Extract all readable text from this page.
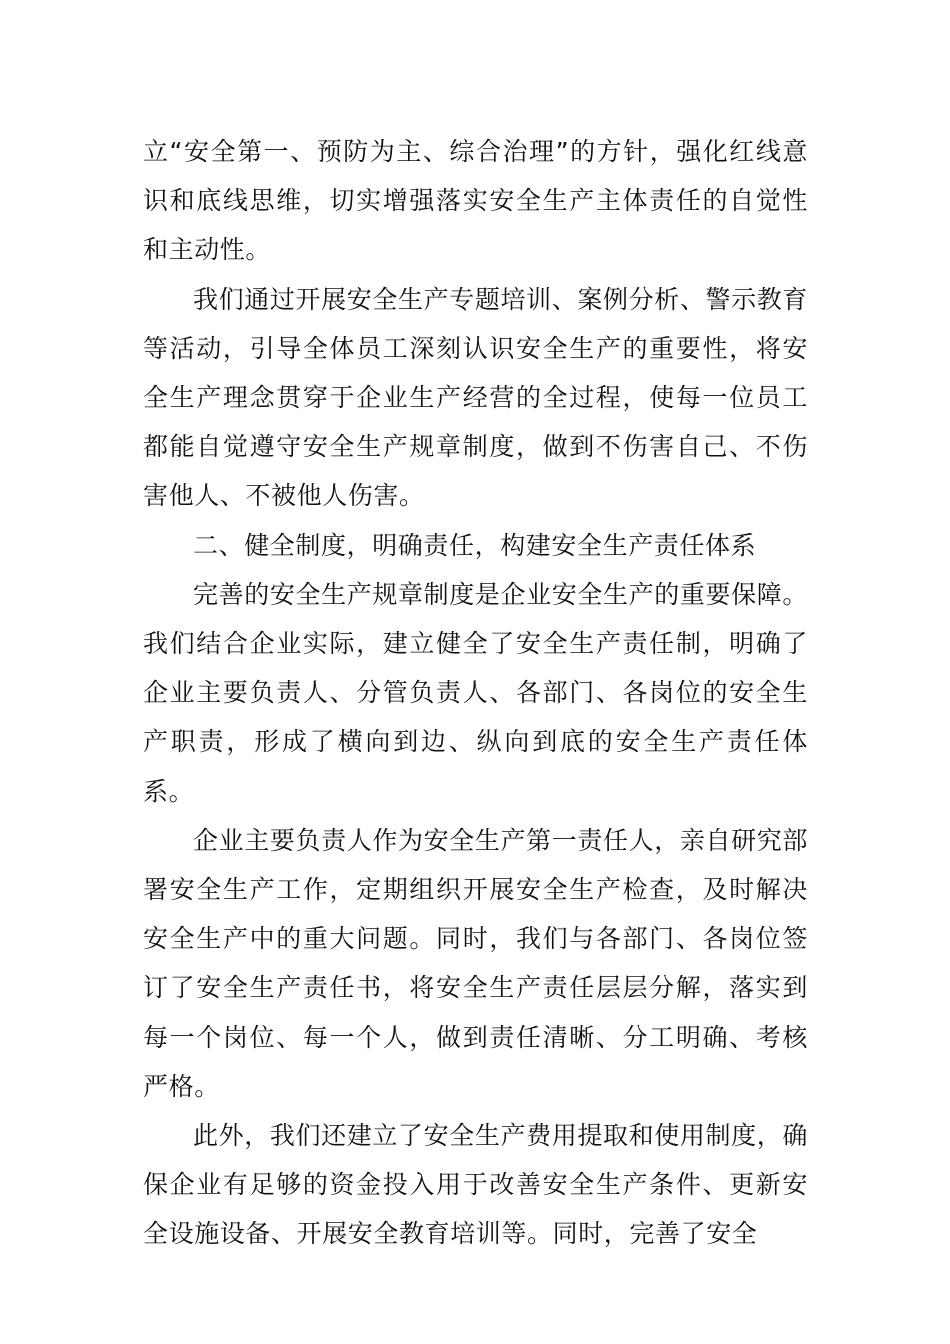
立“安全第一、预防为主、综合治理”的方针，强化红线意识和底线思维，切实增强落实安全生产主体责任的自觉性和主动性。

我们通过开展安全生产专题培训、案例分析、警示教育等活动，引导全体员工深刻认识安全生产的重要性，将安全生产理念贯穿于企业生产经营的全过程，使每一位员工都能自觉遵守安全生产规章制度，做到不伤害自己、不伤害他人、不被他人伤害。

二、健全制度，明确责任，构建安全生产责任体系

完善的安全生产规章制度是企业安全生产的重要保障。我们结合企业实际，建立健全了安全生产责任制，明确了企业主要负责人、分管负责人、各部门、各岗位的安全生产职责，形成了横向到边、纵向到底的安全生产责任体系。

企业主要负责人作为安全生产第一责任人，亲自研究部署安全生产工作，定期组织开展安全生产检查，及时解决安全生产中的重大问题。同时，我们与各部门、各岗位签订了安全生产责任书，将安全生产责任层层分解，落实到每一个岗位、每一个人，做到责任清晰、分工明确、考核严格。

此外，我们还建立了安全生产费用提取和使用制度，确保企业有足够的资金投入用于改善安全生产条件、更新安全设施设备、开展安全教育培训等。同时，完善了安全
